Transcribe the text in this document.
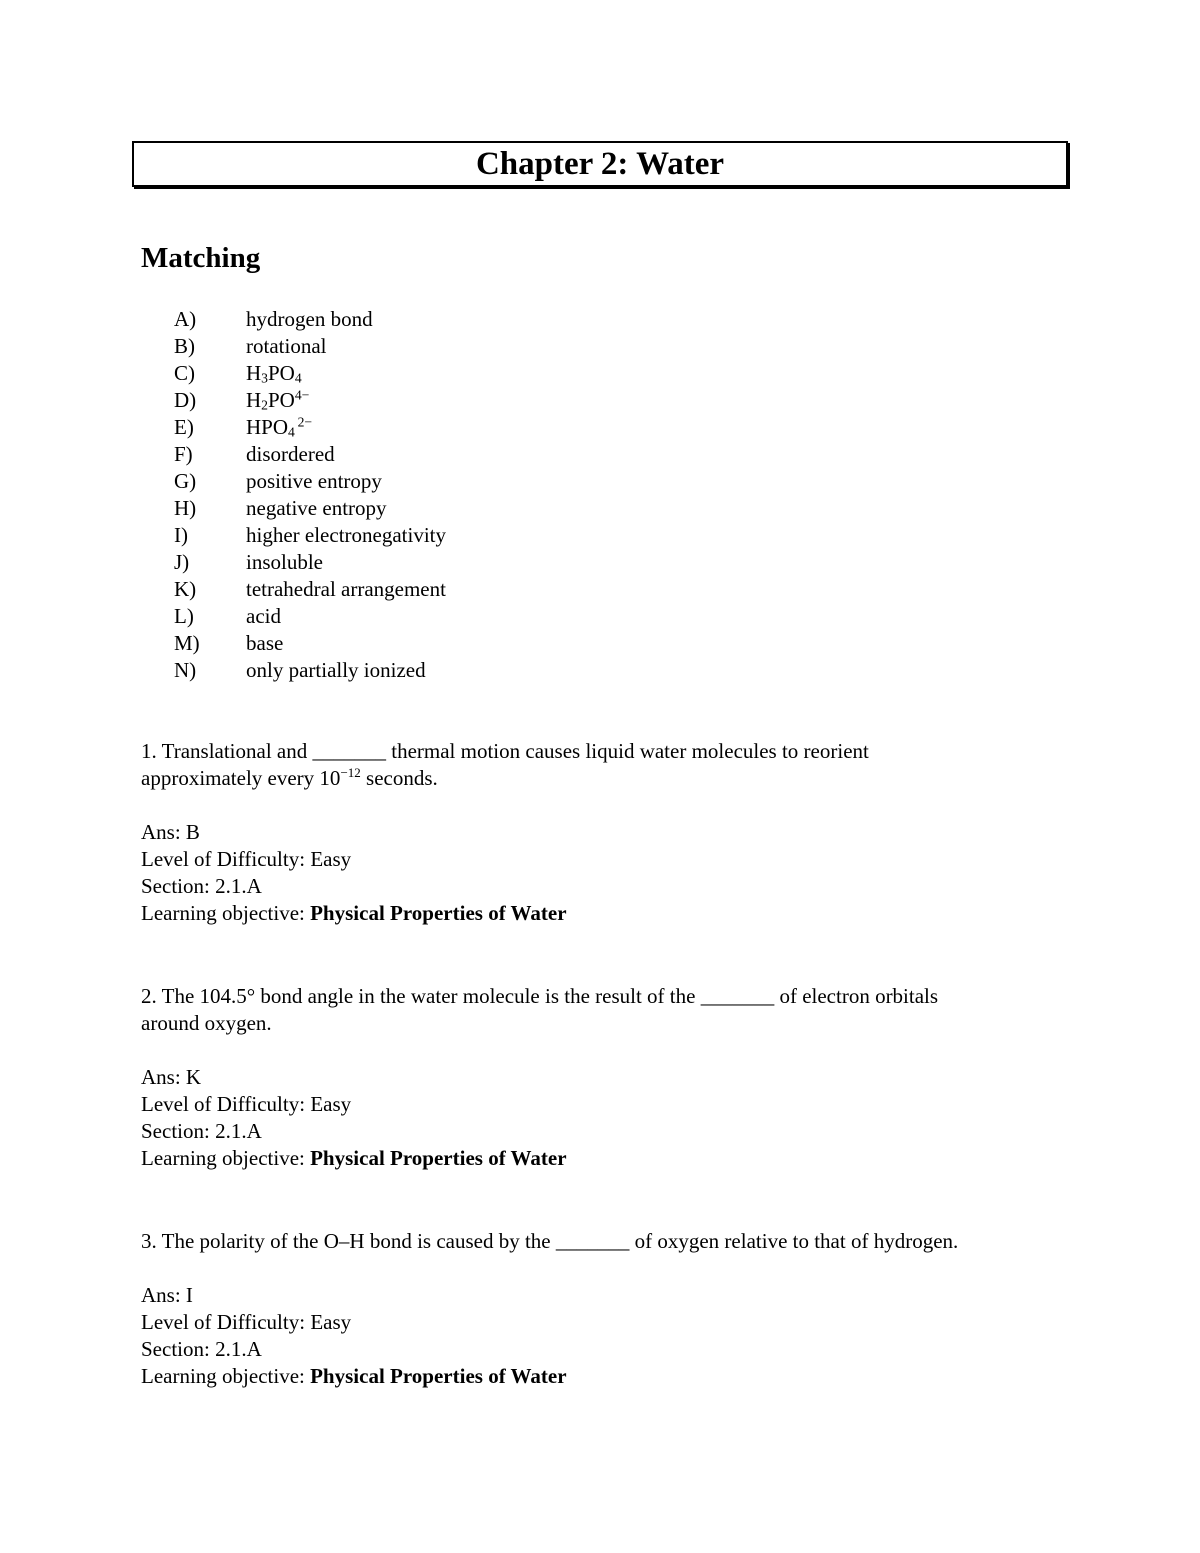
Chapter 2: Water
Matching
A) hydrogen bond
B) rotational
C) $H_3PO_4$
D) $H_2PO^{4-}$
E) $HPO_4$ $^{2-}$
F)	disordered
G) positive entropy
H) negative entropy
I)	higher electronegativity
J)	insoluble
K) tetrahedral arrangement
L) acid
M) base
N) only partially ionized
1. Translational and _______ thermal motion causes liquid water molecules to reorient
approximately every $10^{-12}$ seconds.
Ans: B
Level of Difficulty: Easy
Section: 2.1.A
Learning objective: Physical Properties of Water
2. The 104.5° bond angle in the water molecule is the result of the _______ of electron orbitals
around oxygen.
Ans: K
Level of Difficulty: Easy
Section: 2.1.A
Learning objective: Physical Properties of Water
3. The polarity of the O–H bond is caused by the _______ of oxygen relative to that of hydrogen.
Ans: I
Level of Difficulty: Easy
Section: 2.1.A
Learning objective: Physical Properties of Water
